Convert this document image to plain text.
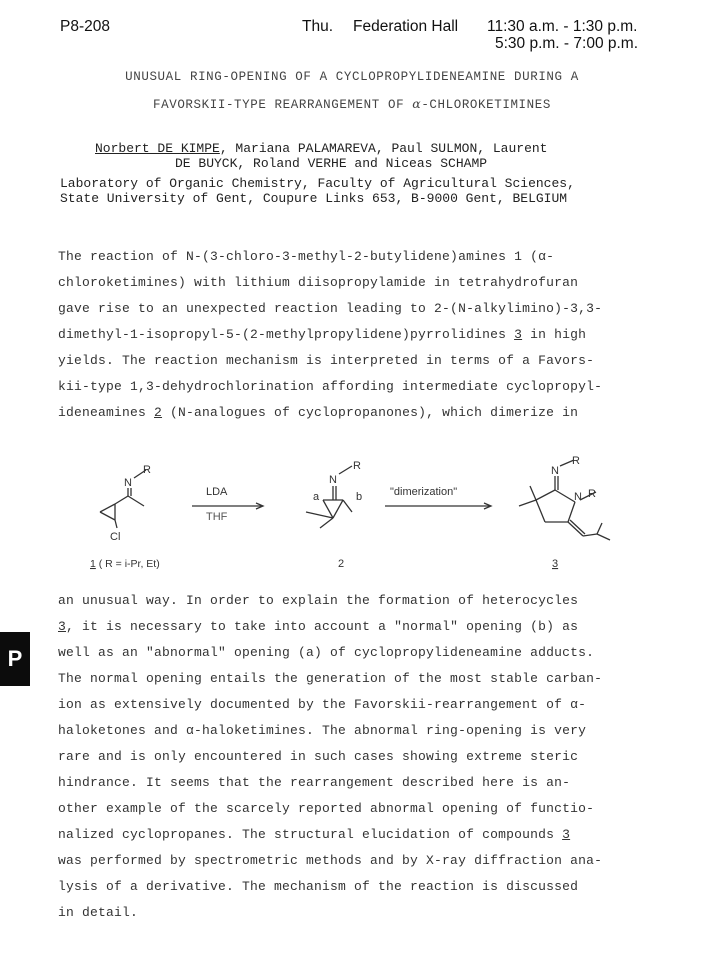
P8-208	Thu. Federation Hall 11:30 a.m. - 1:30 p.m.
5:30 p.m. - 7:00 p.m.
UNUSUAL RING-OPENING OF A CYCLOPROPYLIDENEAMINE DURING A
FAVORSKII-TYPE REARRANGEMENT OF α-CHLOROKETIMINES
Norbert DE KIMPE, Mariana PALAMAREVA, Paul SULMON, Laurent
DE BUYCK, Roland VERHE and Niceas SCHAMP
Laboratory of Organic Chemistry, Faculty of Agricultural Sciences,
State University of Gent, Coupure Links 653, B-9000 Gent, BELGIUM
The reaction of N-(3-chloro-3-methyl-2-butylidene)amines 1 (α-
chloroketimines) with lithium diisopropylamide in tetrahydrofuran
gave rise to an unexpected reaction leading to 2-(N-alkylimino)-3,3-
dimethyl-1-isopropyl-5-(2-methylpropylidene)pyrrolidines 3 in high
yields. The reaction mechanism is interpreted in terms of a Favors-
kii-type 1,3-dehydrochlorination affording intermediate cyclopropyl-
ideneamines 2 (N-analogues of cyclopropanones), which dimerize in
R
N
Cl
LDA
THF
R
N
a	b	"dimerization"
R
N
N R
1 ( R = i-Pr, Et)	2	3
an unusual way. In order to explain the formation of heterocycles
3, it is necessary to take into account a "normal" opening (b) as
well as an "abnormal" opening (a) of cyclopropylideneamine adducts.
The normal opening entails the generation of the most stable carban-
ion as extensively documented by the Favorskii-rearrangement of α-
haloketones and α-haloketimines. The abnormal ring-opening is very
rare and is only encountered in such cases showing extreme steric
hindrance. It seems that the rearrangement described here is an-
other example of the scarcely reported abnormal opening of functio-
nalized cyclopropanes. The structural elucidation of compounds 3
was performed by spectrometric methods and by X-ray diffraction ana-
lysis of a derivative. The mechanism of the reaction is discussed
in detail.
P
